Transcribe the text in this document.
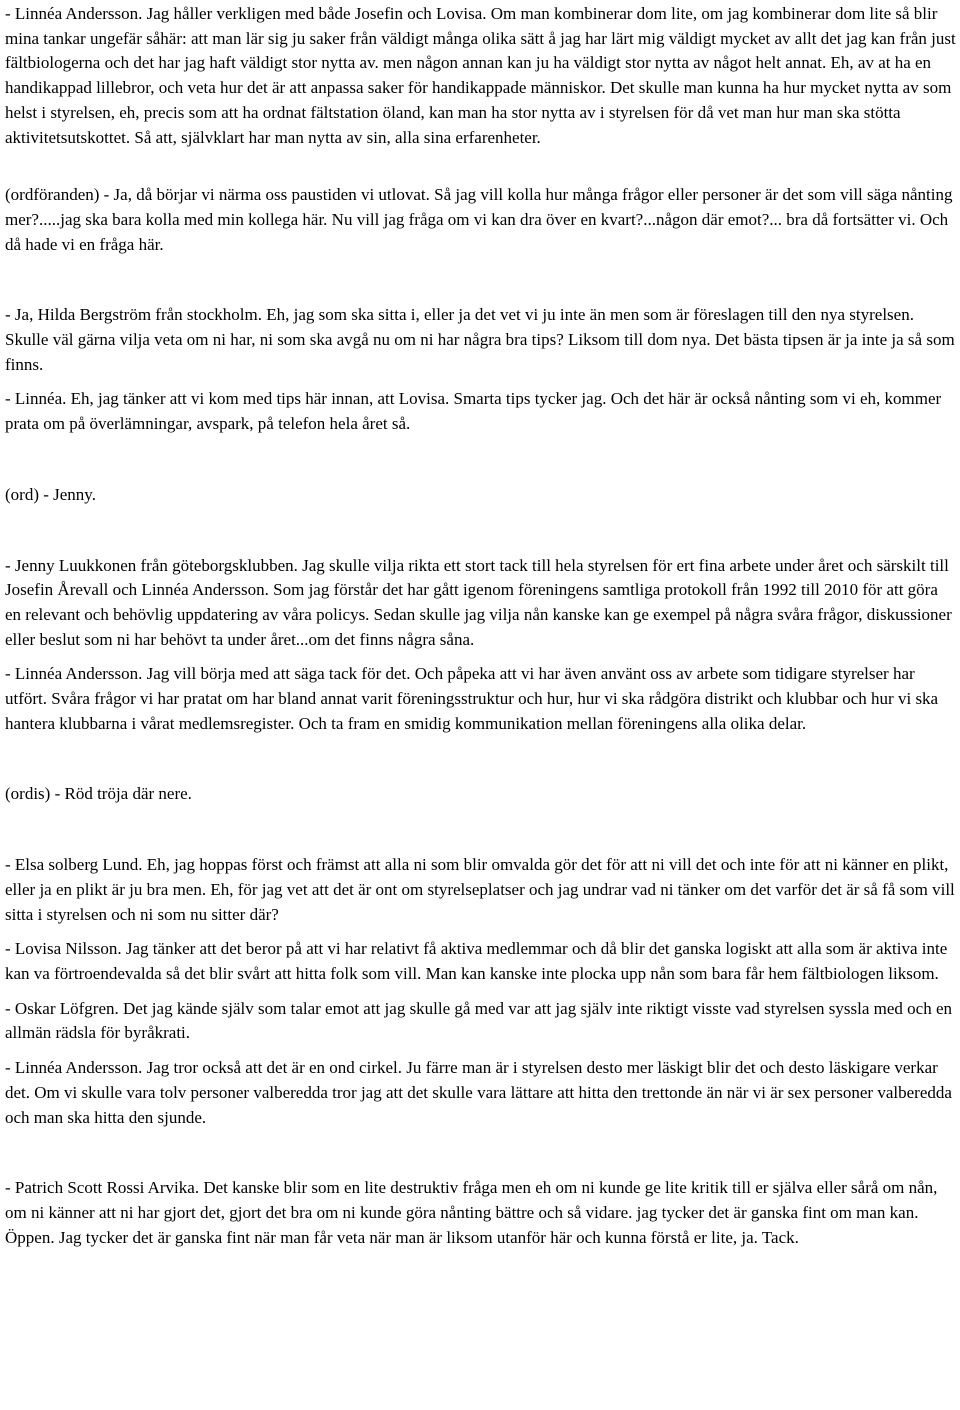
- Linnéa Andersson. Jag håller verkligen med både Josefin och Lovisa. Om man kombinerar dom lite, om jag kombinerar dom lite så blir mina tankar ungefär såhär: att man lär sig ju saker från väldigt många olika sätt å jag har lärt mig väldigt mycket av allt det jag kan från just fältbiologerna och det har jag haft väldigt stor nytta av. men någon annan kan ju ha väldigt stor nytta av något helt annat. Eh, av at ha en handikappad lillebror, och veta hur det är att anpassa saker för handikappade människor. Det skulle man kunna ha hur mycket nytta av som helst i styrelsen, eh, precis som att ha ordnat fältstation öland, kan man ha stor nytta av i styrelsen för då vet man hur man ska stötta aktivitetsutskottet. Så att, självklart har man nytta av sin, alla sina erfarenheter.

(ordföranden) - Ja, då börjar vi närma oss paustiden vi utlovat. Så jag vill kolla hur många frågor eller personer är det som vill säga nånting mer?.....jag ska bara kolla med min kollega här. Nu vill jag fråga om vi kan dra över en kvart?...någon där emot?... bra då fortsätter vi. Och då hade vi en fråga här.

- Ja, Hilda Bergström från stockholm. Eh, jag som ska sitta i, eller ja det vet vi ju inte än men som är föreslagen till den nya styrelsen. Skulle väl gärna vilja veta om ni har, ni som ska avgå nu om ni har några bra tips? Liksom till dom nya. Det bästa tipsen är ja inte ja så som finns.

- Linnéa. Eh, jag tänker att vi kom med tips här innan, att Lovisa. Smarta tips tycker jag. Och det här är också nånting som vi eh, kommer prata om på överlämningar, avspark, på telefon hela året så.

(ord) - Jenny.

- Jenny Luukkonen från göteborgsklubben. Jag skulle vilja rikta ett stort tack till hela styrelsen för ert fina arbete under året och särskilt till Josefin Årevall och Linnéa Andersson. Som jag förstår det har gått igenom föreningens samtliga protokoll från 1992 till 2010 för att göra en relevant och behövlig uppdatering av våra policys. Sedan skulle jag vilja nån kanske kan ge exempel på några svåra frågor, diskussioner eller beslut som ni har behövt ta under året...om det finns några såna.

- Linnéa Andersson. Jag vill börja med att säga tack för det. Och påpeka att vi har även använt oss av arbete som tidigare styrelser har utfört. Svåra frågor vi har pratat om har bland annat varit föreningsstruktur och hur, hur vi ska rådgöra distrikt och klubbar och hur vi ska hantera klubbarna i vårat medlemsregister. Och ta fram en smidig kommunikation mellan föreningens alla olika delar.

(ordis) - Röd tröja där nere.

- Elsa solberg Lund. Eh, jag hoppas först och främst att alla ni som blir omvalda gör det för att ni vill det och inte för att ni känner en plikt, eller ja en plikt är ju bra men. Eh, för jag vet att det är ont om styrelseplatser och jag undrar vad ni tänker om det varför det är så få som vill sitta i styrelsen och ni som nu sitter där?

- Lovisa Nilsson. Jag tänker att det beror på att vi har relativt få aktiva medlemmar och då blir det ganska logiskt att alla som är aktiva inte kan va förtroendevalda så det blir svårt att hitta folk som vill. Man kan kanske inte plocka upp nån som bara får hem fältbiologen liksom.

- Oskar Löfgren. Det jag kände själv som talar emot att jag skulle gå med var att jag själv inte riktigt visste vad styrelsen syssla med och en allmän rädsla för byråkrati.

- Linnéa Andersson. Jag tror också att det är en ond cirkel. Ju färre man är i styrelsen desto mer läskigt blir det och desto läskigare verkar det. Om vi skulle vara tolv personer valberedda tror jag att det skulle vara lättare att hitta den trettonde än när vi är sex personer valberedda och man ska hitta den sjunde.

- Patrich Scott Rossi Arvika. Det kanske blir som en lite destruktiv fråga men eh om ni kunde ge lite kritik till er själva eller sårå om nån, om ni känner att ni har gjort det, gjort det bra om ni kunde göra nånting bättre och så vidare. jag tycker det är ganska fint om man kan. Öppen. Jag tycker det är ganska fint när man får veta när man är liksom utanför här och kunna förstå er lite, ja. Tack.
